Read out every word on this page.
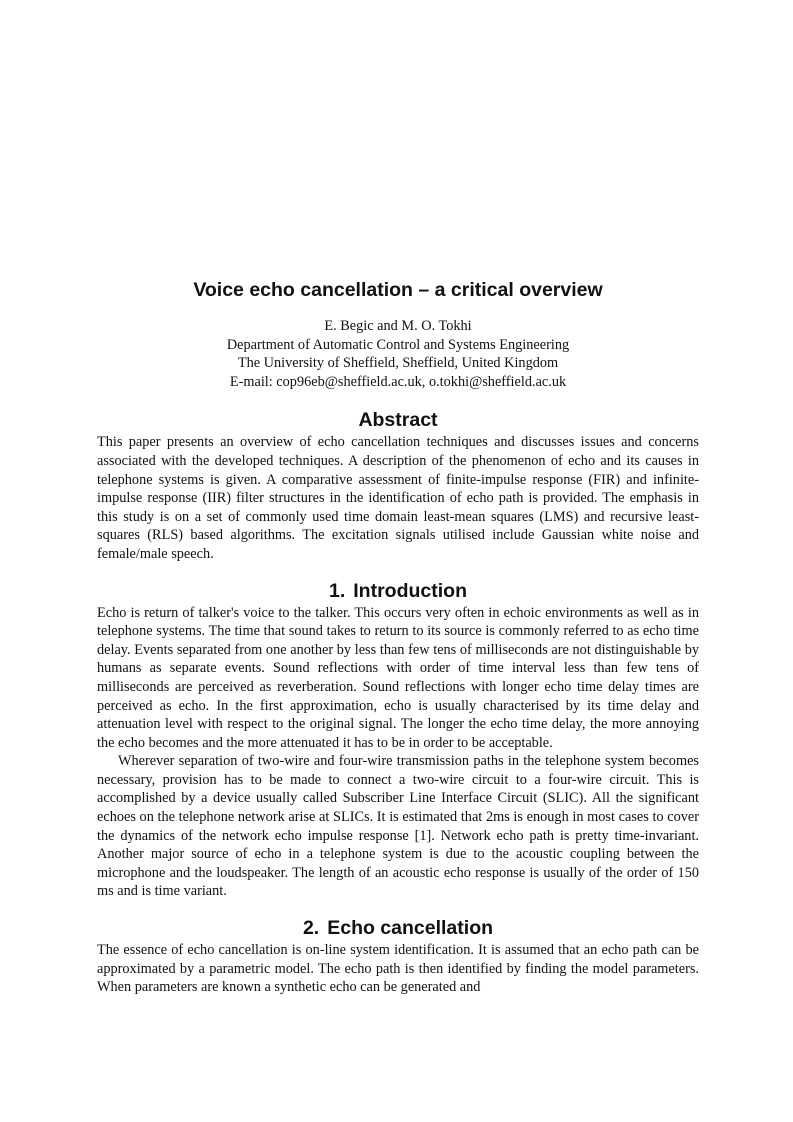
Voice echo cancellation – a critical overview
E. Begic and M. O. Tokhi
Department of Automatic Control and Systems Engineering
The University of Sheffield, Sheffield, United Kingdom
E-mail: cop96eb@sheffield.ac.uk, o.tokhi@sheffield.ac.uk
Abstract

This paper presents an overview of echo cancellation techniques and discusses issues and concerns associated with the developed techniques. A description of the phenomenon of echo and its causes in telephone systems is given. A comparative assessment of finite-impulse response (FIR) and infinite-impulse response (IIR) filter structures in the identification of echo path is provided. The emphasis in this study is on a set of commonly used time domain least-mean squares (LMS) and recursive least-squares (RLS) based algorithms. The excitation signals utilised include Gaussian white noise and female/male speech.

1. Introduction

Echo is return of talker's voice to the talker. This occurs very often in echoic environments as well as in telephone systems. The time that sound takes to return to its source is commonly referred to as echo time delay. Events separated from one another by less than few tens of milliseconds are not distinguishable by humans as separate events. Sound reflections with order of time interval less than few tens of milliseconds are perceived as reverberation. Sound reflections with longer echo time delay times are perceived as echo. In the first approximation, echo is usually characterised by its time delay and attenuation level with respect to the original signal. The longer the echo time delay, the more annoying the echo becomes and the more attenuated it has to be in order to be acceptable.

Wherever separation of two-wire and four-wire transmission paths in the telephone system becomes necessary, provision has to be made to connect a two-wire circuit to a four-wire circuit. This is accomplished by a device usually called Subscriber Line Interface Circuit (SLIC). All the significant echoes on the telephone network arise at SLICs. It is estimated that 2ms is enough in most cases to cover the dynamics of the network echo impulse response [1]. Network echo path is pretty time-invariant. Another major source of echo in a telephone system is due to the acoustic coupling between the microphone and the loudspeaker. The length of an acoustic echo response is usually of the order of 150 ms and is time variant.

2. Echo cancellation

The essence of echo cancellation is on-line system identification. It is assumed that an echo path can be approximated by a parametric model. The echo path is then identified by finding the model parameters. When parameters are known a synthetic echo can be generated and
